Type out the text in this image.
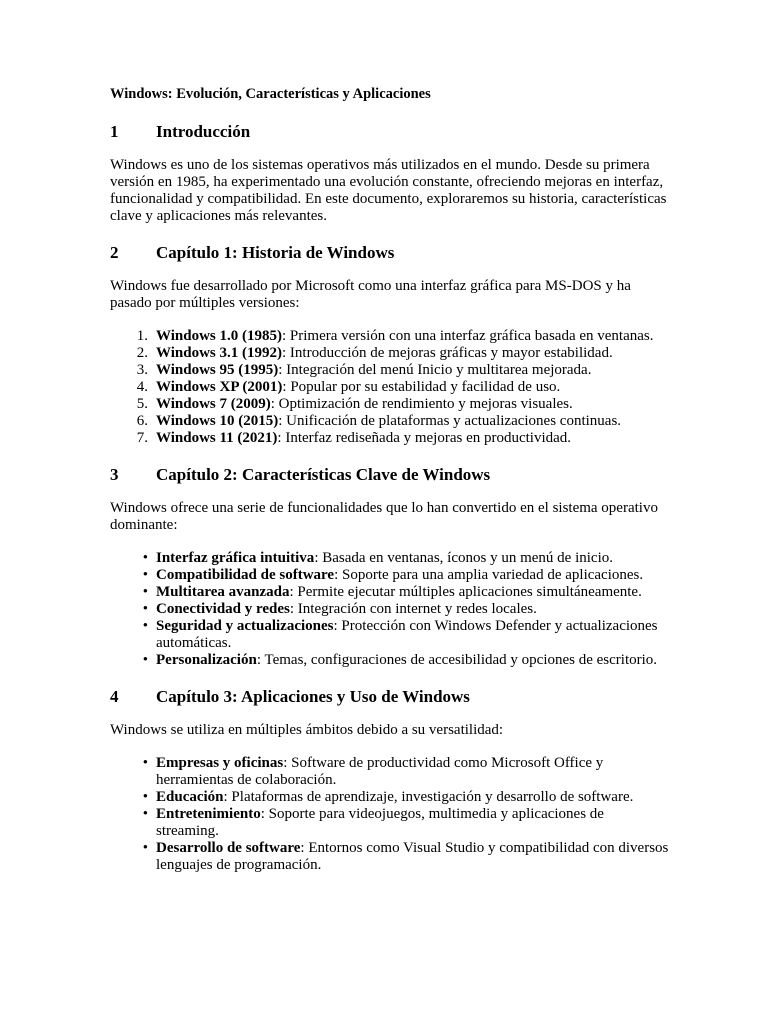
Windows: Evolución, Características y Aplicaciones
1	Introducción

Windows es uno de los sistemas operativos más utilizados en el mundo. Desde su primera versión en 1985, ha experimentado una evolución constante, ofreciendo mejoras en interfaz, funcionalidad y compatibilidad. En este documento, exploraremos su historia, características clave y aplicaciones más relevantes.

2	Capítulo 1: Historia de Windows

Windows fue desarrollado por Microsoft como una interfaz gráfica para MS-DOS y ha pasado por múltiples versiones:

1. Windows 1.0 (1985): Primera versión con una interfaz gráfica basada en ventanas.
2. Windows 3.1 (1992): Introducción de mejoras gráficas y mayor estabilidad.
3. Windows 95 (1995): Integración del menú Inicio y multitarea mejorada.
4. Windows XP (2001): Popular por su estabilidad y facilidad de uso.
5. Windows 7 (2009): Optimización de rendimiento y mejoras visuales.
6. Windows 10 (2015): Unificación de plataformas y actualizaciones continuas.
7. Windows 11 (2021): Interfaz rediseñada y mejoras en productividad.
3	Capítulo 2: Características Clave de Windows

Windows ofrece una serie de funcionalidades que lo han convertido en el sistema operativo dominante:

• Interfaz gráfica intuitiva: Basada en ventanas, íconos y un menú de inicio.
• Compatibilidad de software: Soporte para una amplia variedad de aplicaciones.
• Multitarea avanzada: Permite ejecutar múltiples aplicaciones simultáneamente.
• Conectividad y redes: Integración con internet y redes locales.
• Seguridad y actualizaciones: Protección con Windows Defender y actualizaciones automáticas.
• Personalización: Temas, configuraciones de accesibilidad y opciones de escritorio.
4	Capítulo 3: Aplicaciones y Uso de Windows

Windows se utiliza en múltiples ámbitos debido a su versatilidad:

• Empresas y oficinas: Software de productividad como Microsoft Office y herramientas de colaboración.
• Educación: Plataformas de aprendizaje, investigación y desarrollo de software.
• Entretenimiento: Soporte para videojuegos, multimedia y aplicaciones de streaming.
• Desarrollo de software: Entornos como Visual Studio y compatibilidad con diversos lenguajes de programación.
